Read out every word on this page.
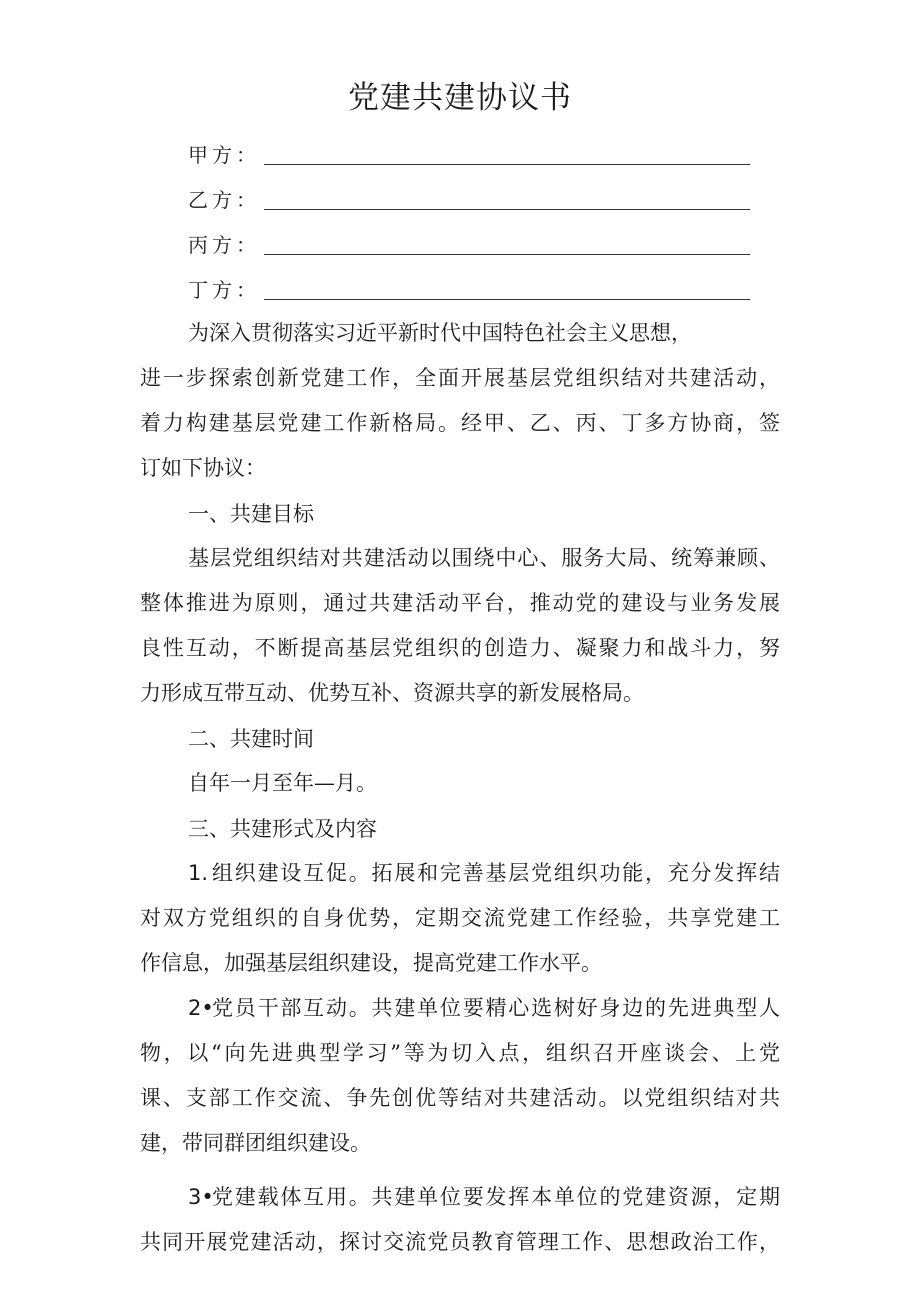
党建共建协议书
甲方：
乙方：
丙方：
丁方：
为深入贯彻落实习近平新时代中国特色社会主义思想，
进一步探索创新党建工作，全面开展基层党组织结对共建活动，
着力构建基层党建工作新格局。经甲、乙、丙、丁多方协商，签
订如下协议：
一、共建目标
基层党组织结对共建活动以围绕中心、服务大局、统筹兼顾、
整体推进为原则，通过共建活动平台，推动党的建设与业务发展
良性互动，不断提高基层党组织的创造力、凝聚力和战斗力，努
力形成互带互动、优势互补、资源共享的新发展格局。
二、共建时间
自年一月至年—月。
三、共建形式及内容
1. 组织建设互促。拓展和完善基层党组织功能，充分发挥结
对双方党组织的自身优势，定期交流党建工作经验，共享党建工
作信息，加强基层组织建设，提高党建工作水平。
2•
党员干部互动。共建单位要精心选树好身边的先进典型人
物，以“向先进典型学习”等为切入点，组织召开座谈会、上党
课、支部工作交流、争先创优等结对共建活动。以党组织结对共
建，带同群团组织建设。
3•
党建载体互用。共建单位要发挥本单位的党建资源，定期
共同开展党建活动，探讨交流党员教育管理工作、思想政治工作，
